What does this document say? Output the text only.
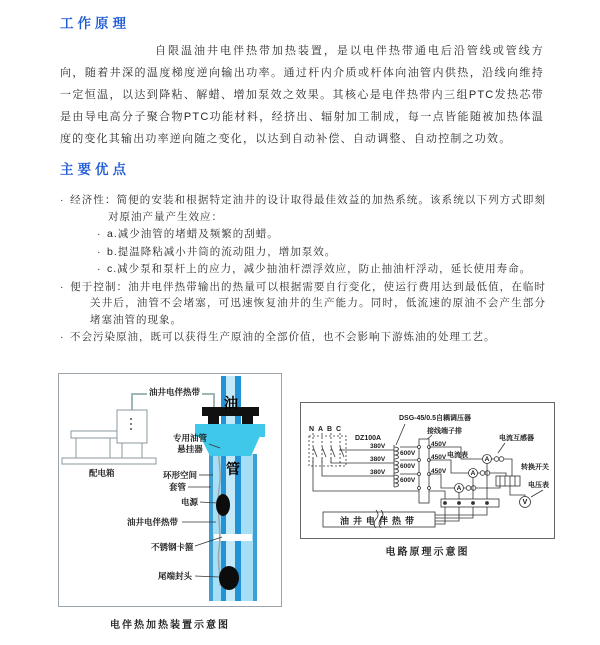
工作原理

自限温油井电伴热带加热装置，是以电伴热带通电后沿管线或管线方向，随着井深的温度梯度逆向输出功率。通过杆内介质或杆体向油管内供热，沿线向维持一定恒温，以达到降粘、解蜡、增加泵效之效果。其核心是电伴热带内三组PTC发热芯带是由导电高分子聚合物PTC功能材料，经挤出、辐射加工制成，每一点皆能随被加热体温度的变化其输出功率逆向随之变化，以达到自动补偿、自动调整、自动控制之功效。

主要优点
· 经济性：简便的安装和根据特定油井的设计取得最佳效益的加热系统。该系统以下列方式即刻对原油产量产生效应：
· a.减少油管的堵蜡及频繁的刮蜡。
· b.提温降粘减小井筒的流动阻力，增加泵效。
· c.减少泵和泵杆上的应力，减少抽油杆漂浮效应，防止抽油杆浮动，延长使用寿命。
· 便于控制：油井电伴热带输出的热量可以根据需要自行变化，使运行费用达到最低值，在临时关井后，油管不会堵塞，可迅速恢复油井的生产能力。同时，低流速的原油不会产生部分堵塞油管的现象。
· 不会污染原油，既可以获得生产原油的全部价值，也不会影响下游炼油的处理工艺。
油井电伴热带
配电箱
专用油管
悬挂器
环形空间
套管
电源
油井电伴热带
不锈钢卡箍
尾端封头
油
管
电伴热加热装置示意图
N A B C
DZ100A
380V
380V
380V
DSG-45/0.5自耦调压器
接线端子排
600V
600V
600V
450V
450V
450V
电流表
电流互感器
转换开关
电压表
A
A
A
V
油井电伴热带
电路原理示意图
